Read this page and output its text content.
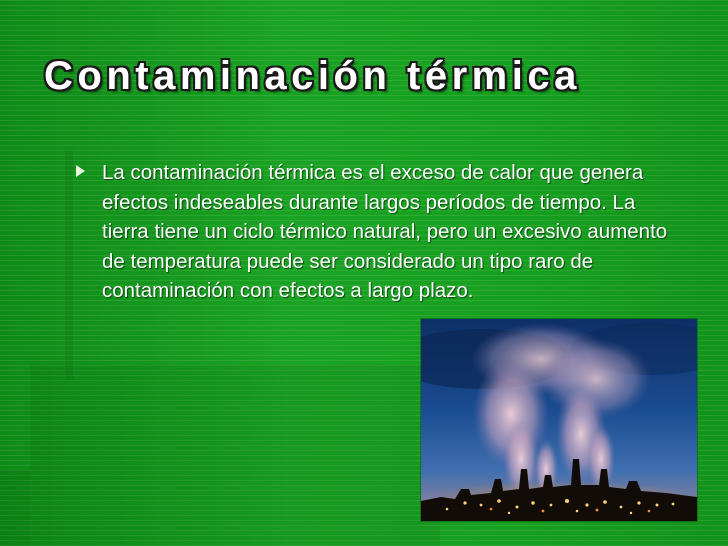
Contaminación térmica

La contaminación térmica es el exceso de calor que genera efectos indeseables durante largos períodos de tiempo. La tierra tiene un ciclo térmico natural, pero un excesivo aumento de temperatura puede ser considerado un tipo raro de contaminación con efectos a largo plazo.
